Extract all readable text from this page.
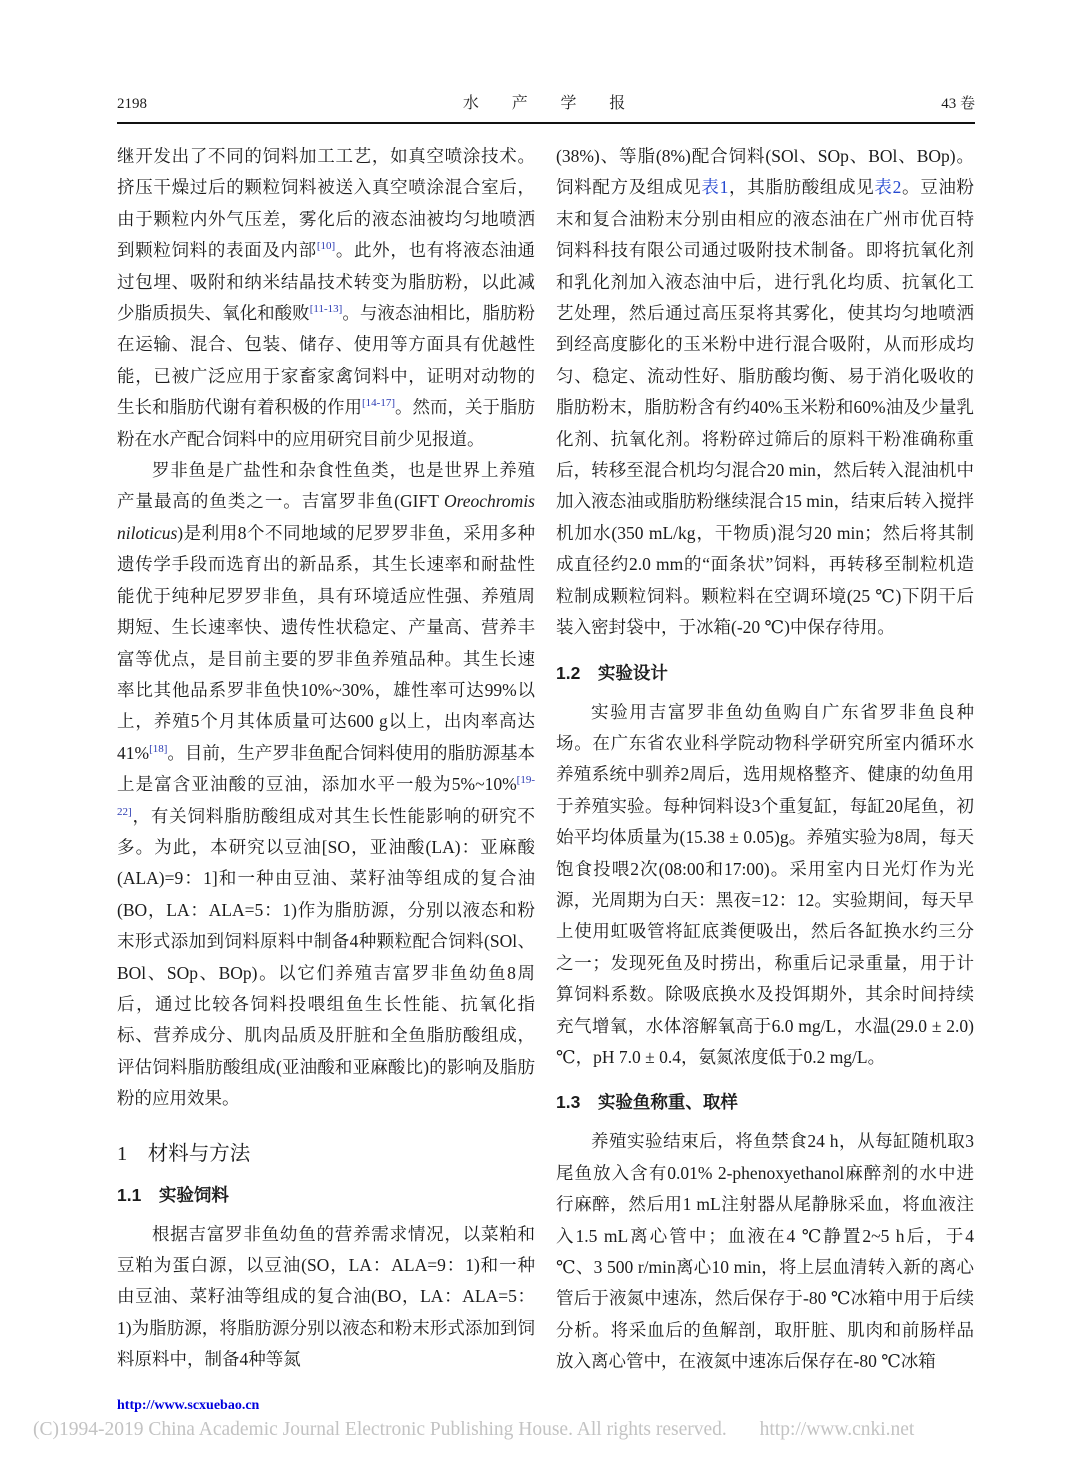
2198	水 产 学 报	43 卷

继开发出了不同的饲料加工工艺，如真空喷涂技术。挤压干燥过后的颗粒饲料被送入真空喷涂混合室后，由于颗粒内外气压差，雾化后的液态油被均匀地喷洒到颗粒饲料的表面及内部[10]。此外，也有将液态油通过包埋、吸附和纳米结晶技术转变为脂肪粉，以此减少脂质损失、氧化和酸败[11-13]。与液态油相比，脂肪粉在运输、混合、包装、储存、使用等方面具有优越性能，已被广泛应用于家畜家禽饲料中，证明对动物的生长和脂肪代谢有着积极的作用[14-17]。然而，关于脂肪粉在水产配合饲料中的应用研究目前少见报道。

罗非鱼是广盐性和杂食性鱼类，也是世界上养殖产量最高的鱼类之一。吉富罗非鱼(GIFT Oreochromis niloticus)是利用8个不同地域的尼罗罗非鱼，采用多种遗传学手段而选育出的新品系，其生长速率和耐盐性能优于纯种尼罗罗非鱼，具有环境适应性强、养殖周期短、生长速率快、遗传性状稳定、产量高、营养丰富等优点，是目前主要的罗非鱼养殖品种。其生长速率比其他品系罗非鱼快10%~30%，雄性率可达99%以上，养殖5个月其体质量可达600 g以上，出肉率高达41%[18]。目前，生产罗非鱼配合饲料使用的脂肪源基本上是富含亚油酸的豆油，添加水平一般为5%~10%[19-22]，有关饲料脂肪酸组成对其生长性能影响的研究不多。为此，本研究以豆油[SO，亚油酸(LA)：亚麻酸(ALA)=9：1]和一种由豆油、菜籽油等组成的复合油(BO，LA：ALA=5：1)作为脂肪源，分别以液态和粉末形式添加到饲料原料中制备4种颗粒配合饲料(SOl、BOl、SOp、BOp)。以它们养殖吉富罗非鱼幼鱼8周后，通过比较各饲料投喂组鱼生长性能、抗氧化指标、营养成分、肌肉品质及肝脏和全鱼脂肪酸组成，评估饲料脂肪酸组成(亚油酸和亚麻酸比)的影响及脂肪粉的应用效果。

1　材料与方法
1.1　实验饲料

根据吉富罗非鱼幼鱼的营养需求情况，以菜粕和豆粕为蛋白源，以豆油(SO，LA：ALA=9：1)和一种由豆油、菜籽油等组成的复合油(BO，LA：ALA=5：1)为脂肪源，将脂肪源分别以液态和粉末形式添加到饲料原料中，制备4种等氮

(38%)、等脂(8%)配合饲料(SOl、SOp、BOl、BOp)。饲料配方及组成见表1，其脂肪酸组成见表2。豆油粉末和复合油粉末分别由相应的液态油在广州市优百特饲料科技有限公司通过吸附技术制备。即将抗氧化剂和乳化剂加入液态油中后，进行乳化均质、抗氧化工艺处理，然后通过高压泵将其雾化，使其均匀地喷洒到经高度膨化的玉米粉中进行混合吸附，从而形成均匀、稳定、流动性好、脂肪酸均衡、易于消化吸收的脂肪粉末，脂肪粉含有约40%玉米粉和60%油及少量乳化剂、抗氧化剂。将粉碎过筛后的原料干粉准确称重后，转移至混合机均匀混合20 min，然后转入混油机中加入液态油或脂肪粉继续混合15 min，结束后转入搅拌机加水(350 mL/kg，干物质)混匀20 min；然后将其制成直径约2.0 mm的“面条状”饲料，再转移至制粒机造粒制成颗粒饲料。颗粒料在空调环境(25 ℃)下阴干后装入密封袋中，于冰箱(-20 ℃)中保存待用。

1.2　实验设计

实验用吉富罗非鱼幼鱼购自广东省罗非鱼良种场。在广东省农业科学院动物科学研究所室内循环水养殖系统中驯养2周后，选用规格整齐、健康的幼鱼用于养殖实验。每种饲料设3个重复缸，每缸20尾鱼，初始平均体质量为(15.38 ± 0.05)g。养殖实验为8周，每天饱食投喂2次(08:00和17:00)。采用室内日光灯作为光源，光周期为白天：黑夜=12：12。实验期间，每天早上使用虹吸管将缸底粪便吸出，然后各缸换水约三分之一；发现死鱼及时捞出，称重后记录重量，用于计算饲料系数。除吸底换水及投饵期外，其余时间持续充气增氧，水体溶解氧高于6.0 mg/L，水温(29.0 ± 2.0) ℃，pH 7.0 ± 0.4，氨氮浓度低于0.2 mg/L。

1.3　实验鱼称重、取样

养殖实验结束后，将鱼禁食24 h，从每缸随机取3尾鱼放入含有0.01% 2-phenoxyethanol麻醉剂的水中进行麻醉，然后用1 mL注射器从尾静脉采血，将血液注入1.5 mL离心管中；血液在4 ℃静置2~5 h后，于4 ℃、3 500 r/min离心10 min，将上层血清转入新的离心管后于液氮中速冻，然后保存于-80 ℃冰箱中用于后续分析。将采血后的鱼解剖，取肝脏、肌肉和前肠样品放入离心管中，在液氮中速冻后保存在-80 ℃冰箱

http://www.scxuebao.cn
(C)1994-2019 China Academic Journal Electronic Publishing House. All rights reserved. http://www.cnki.net
